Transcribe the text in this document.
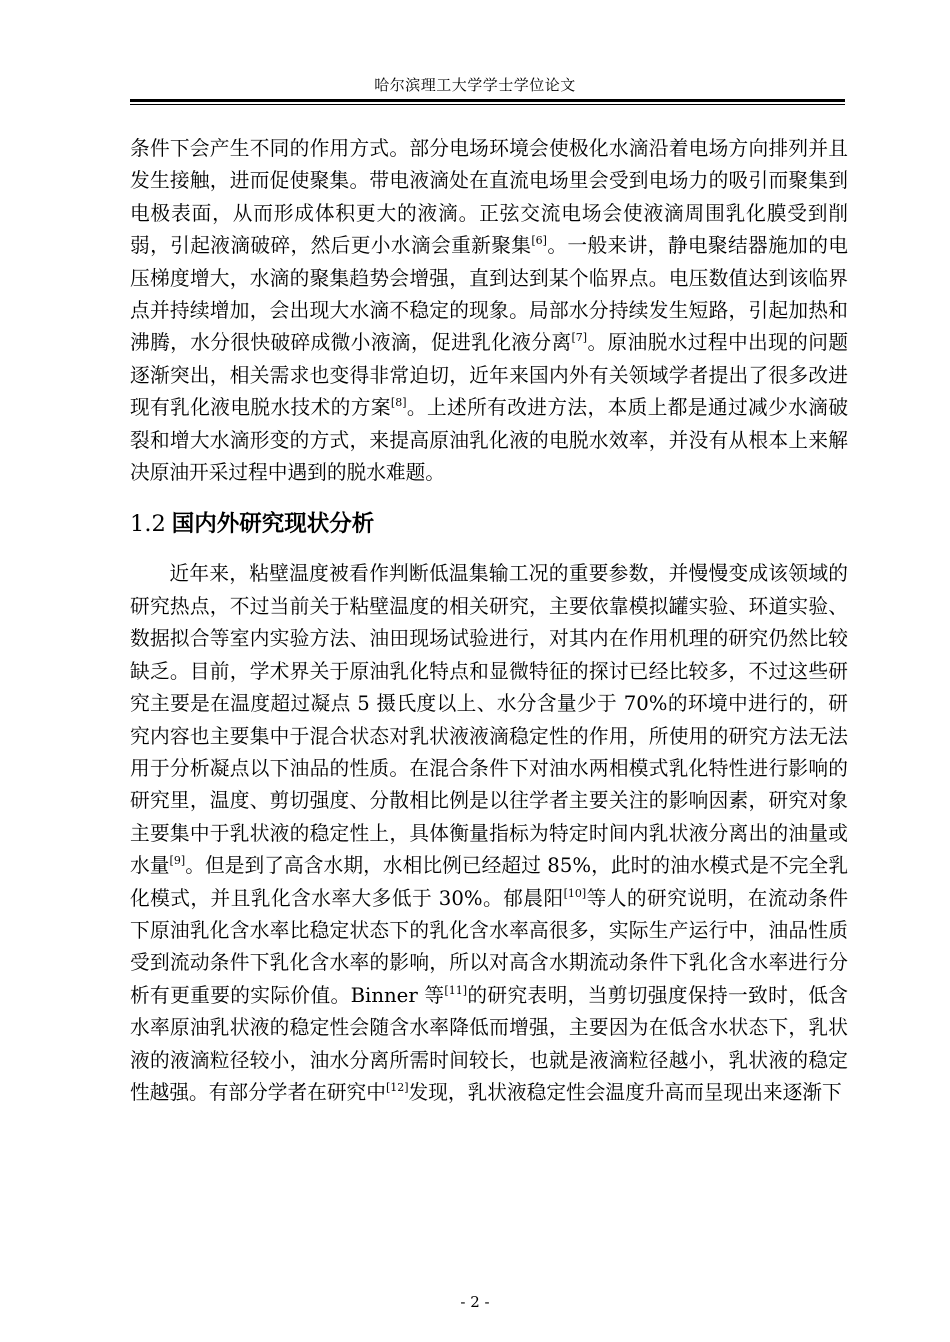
哈尔滨理工大学学士学位论文

条件下会产生不同的作用方式。部分电场环境会使极化水滴沿着电场方向排列并且发生接触，进而促使聚集。带电液滴处在直流电场里会受到电场力的吸引而聚集到电极表面，从而形成体积更大的液滴。正弦交流电场会使液滴周围乳化膜受到削弱，引起液滴破碎，然后更小水滴会重新聚集[6]。一般来讲，静电聚结器施加的电压梯度增大，水滴的聚集趋势会增强，直到达到某个临界点。电压数值达到该临界点并持续增加，会出现大水滴不稳定的现象。局部水分持续发生短路，引起加热和沸腾，水分很快破碎成微小液滴，促进乳化液分离[7]。原油脱水过程中出现的问题逐渐突出，相关需求也变得非常迫切，近年来国内外有关领域学者提出了很多改进现有乳化液电脱水技术的方案[8]。上述所有改进方法，本质上都是通过减少水滴破裂和增大水滴形变的方式，来提高原油乳化液的电脱水效率，并没有从根本上来解决原油开采过程中遇到的脱水难题。

1.2 国内外研究现状分析

近年来，粘壁温度被看作判断低温集输工况的重要参数，并慢慢变成该领域的研究热点，不过当前关于粘壁温度的相关研究，主要依靠模拟罐实验、环道实验、数据拟合等室内实验方法、油田现场试验进行，对其内在作用机理的研究仍然比较缺乏。目前，学术界关于原油乳化特点和显微特征的探讨已经比较多，不过这些研究主要是在温度超过凝点 5 摄氏度以上、水分含量少于 70%的环境中进行的，研究内容也主要集中于混合状态对乳状液液滴稳定性的作用，所使用的研究方法无法用于分析凝点以下油品的性质。在混合条件下对油水两相模式乳化特性进行影响的研究里，温度、剪切强度、分散相比例是以往学者主要关注的影响因素，研究对象主要集中于乳状液的稳定性上，具体衡量指标为特定时间内乳状液分离出的油量或水量[9]。但是到了高含水期，水相比例已经超过 85%，此时的油水模式是不完全乳化模式，并且乳化含水率大多低于 30%。郁晨阳[10]等人的研究说明，在流动条件下原油乳化含水率比稳定状态下的乳化含水率高很多，实际生产运行中，油品性质受到流动条件下乳化含水率的影响，所以对高含水期流动条件下乳化含水率进行分析有更重要的实际价值。Binner 等[11]的研究表明，当剪切强度保持一致时，低含水率原油乳状液的稳定性会随含水率降低而增强，主要因为在低含水状态下，乳状液的液滴粒径较小，油水分离所需时间较长，也就是液滴粒径越小，乳状液的稳定性越强。有部分学者在研究中[12]发现，乳状液稳定性会温度升高而呈现出来逐渐下

- 2 -
